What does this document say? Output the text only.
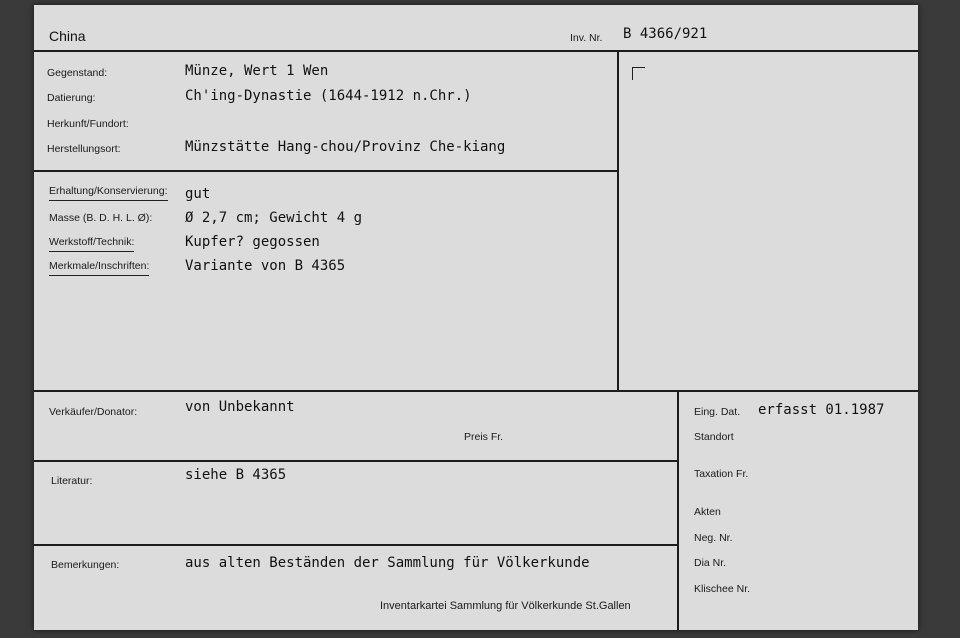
China	Inv. Nr. B 4366/921
Gegenstand:	Münze, Wert 1 Wen
Datierung:	Ch'ing-Dynastie (1644-1912 n.Chr.)
Herkunft/Fundort:
Herstellungsort:	Münzstätte Hang-chou/Provinz Che-kiang
Erhaltung/Konservierung: gut
Masse (B. D. H. L. Ø): Ø 2,7 cm; Gewicht 4 g
Werkstoff/Technik:	Kupfer? gegossen
Merkmale/Inschriften:	Variante von B 4365
Verkäufer/Donator:	von Unbekannt
Preis Fr.
Literatur:	siehe B 4365
Bemerkungen:	aus alten Beständen der Sammlung für Völkerkunde
Inventarkartei Sammlung für Völkerkunde St.Gallen
Eing. Dat. erfasst 01.1987
Standort
Taxation Fr.
Akten
Neg. Nr.
Dia Nr.
Klischee Nr.
